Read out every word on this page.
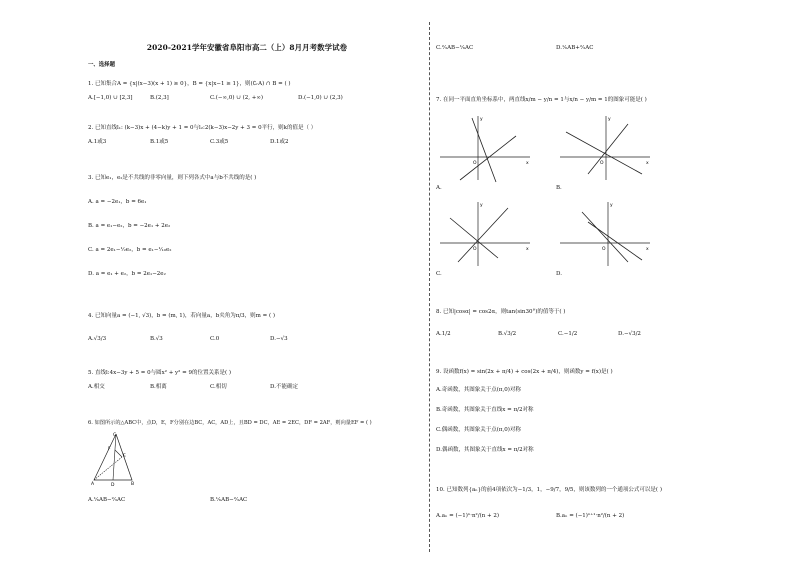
2020-2021学年安徽省阜阳市高二（上）8月月考数学试卷
一、选择题
1. 已知集合A = {x|(x−3)(x + 1) ≥ 0}，B = {x|x−1 ≥ 1}，则(∁ᵣA) ∩ B = ( )
A.[−1,0) ∪ [2,3]	B.(2,3]	C.(−∞,0) ∪ (2, +∞)	D.(−1,0) ∪ (2,3)
2. 已知直线l₁: (k−3)x + (4−k)y + 1 = 0与l₂:2(k−3)x−2y + 3 = 0平行，则k的值是（ ）
A.1或3	B.1或5	C.3或5	D.1或2
3. 已知e₁，e₂是不共线的非零向量，则下列各式中a与b不共线的是( )
A. a = −2e₁，b = 6e₁
B. a = e₁−e₂，b = −2e₁ + 2e₂
C. a = 2e₁−¹⁄₂e₂，b = e₁−¹⁄₁₀e₂
D. a = e₁ + e₂，b = 2e₁−2e₂
4. 已知向量a = (−1, √3)，b = (m, 1)，若向量a，b夹角为π/3，则m = ( )
A.√3/3	B.√3	C.0	D.−√3
5. 直线l:4x−3y + 5 = 0与圆x² + y² = 9的位置关系是( )
A.相交	B.相离	C.相切	D.不能确定
6. 如图所示的△ABC中，点D，E，F分别在边BC，AC，AD上，且BD = DC，AE = 2EC，DF = 2AF，则向量EF = ( )
C
A	B
D
E
F
A.¹⁄₆AB−²⁄₃AC	B.¹⁄₆AB−²⁄₃AC
C.²⁄₃AB−¹⁄₆AC	D.¹⁄₆AB+²⁄₃AC
7. 在同一平面直角坐标系中，两直线x/m − y/n = 1与x/n − y/m = 1的图象可能是( )
y
x
O
A.
y
x
O
B.
y
x
O
C.
y
x
O
D.
8. 已知|cosα| = cos2α，则tan(sin30°)的值等于( )
A.1/2	B.√3/2	C.−1/2	D.−√3/2
9. 设函数f(x) = sin(2x + π/4) + cos(2x + π/4)，则函数y = f(x)是( )
A.奇函数，其图象关于点(π,0)对称
B.奇函数，其图象关于直线x = π/2对称
C.偶函数，其图象关于点(π,0)对称
D.偶函数，其图象关于直线x = π/2对称
10. 已知数列{aₙ}的前4项依次为−1/3，1，−9/7，9/5，则该数列的一个通项公式可以是( )
A.aₙ = (−1)ⁿ·n²/(n + 2)	B.aₙ = (−1)ⁿ⁺¹·n²/(n + 2)
